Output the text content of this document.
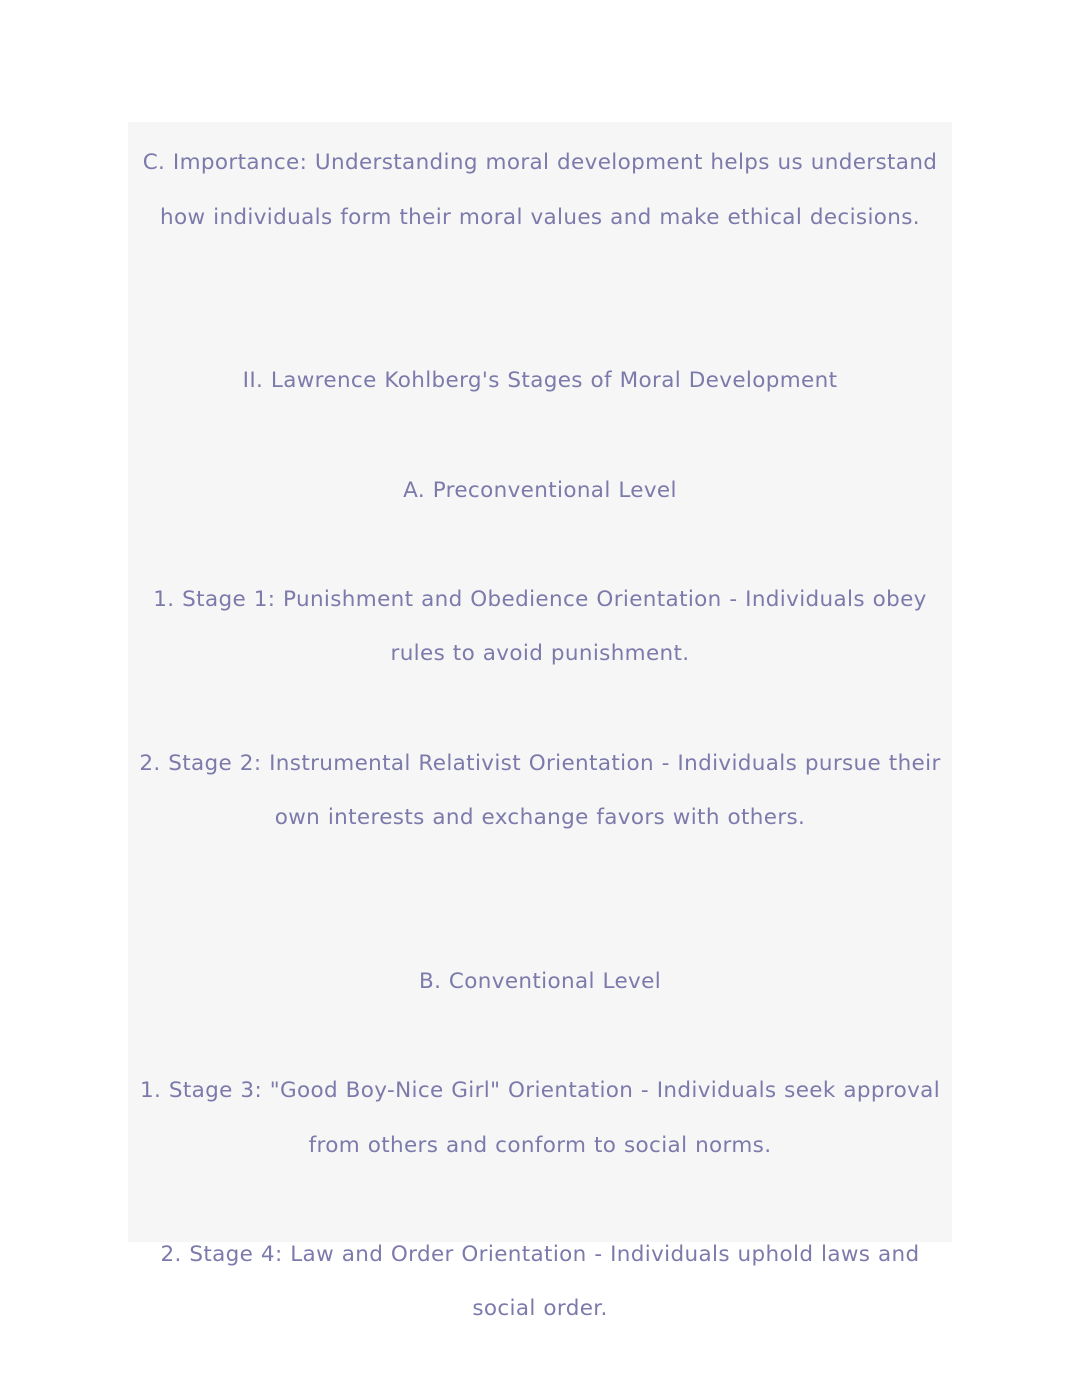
C. Importance: Understanding moral development helps us understand how individuals form their moral values and make ethical decisions.

II. Lawrence Kohlberg's Stages of Moral Development

A. Preconventional Level

1. Stage 1: Punishment and Obedience Orientation - Individuals obey rules to avoid punishment.

2. Stage 2: Instrumental Relativist Orientation - Individuals pursue their own interests and exchange favors with others.

B. Conventional Level

1. Stage 3: "Good Boy-Nice Girl" Orientation - Individuals seek approval from others and conform to social norms.

2. Stage 4: Law and Order Orientation - Individuals uphold laws and social order.
